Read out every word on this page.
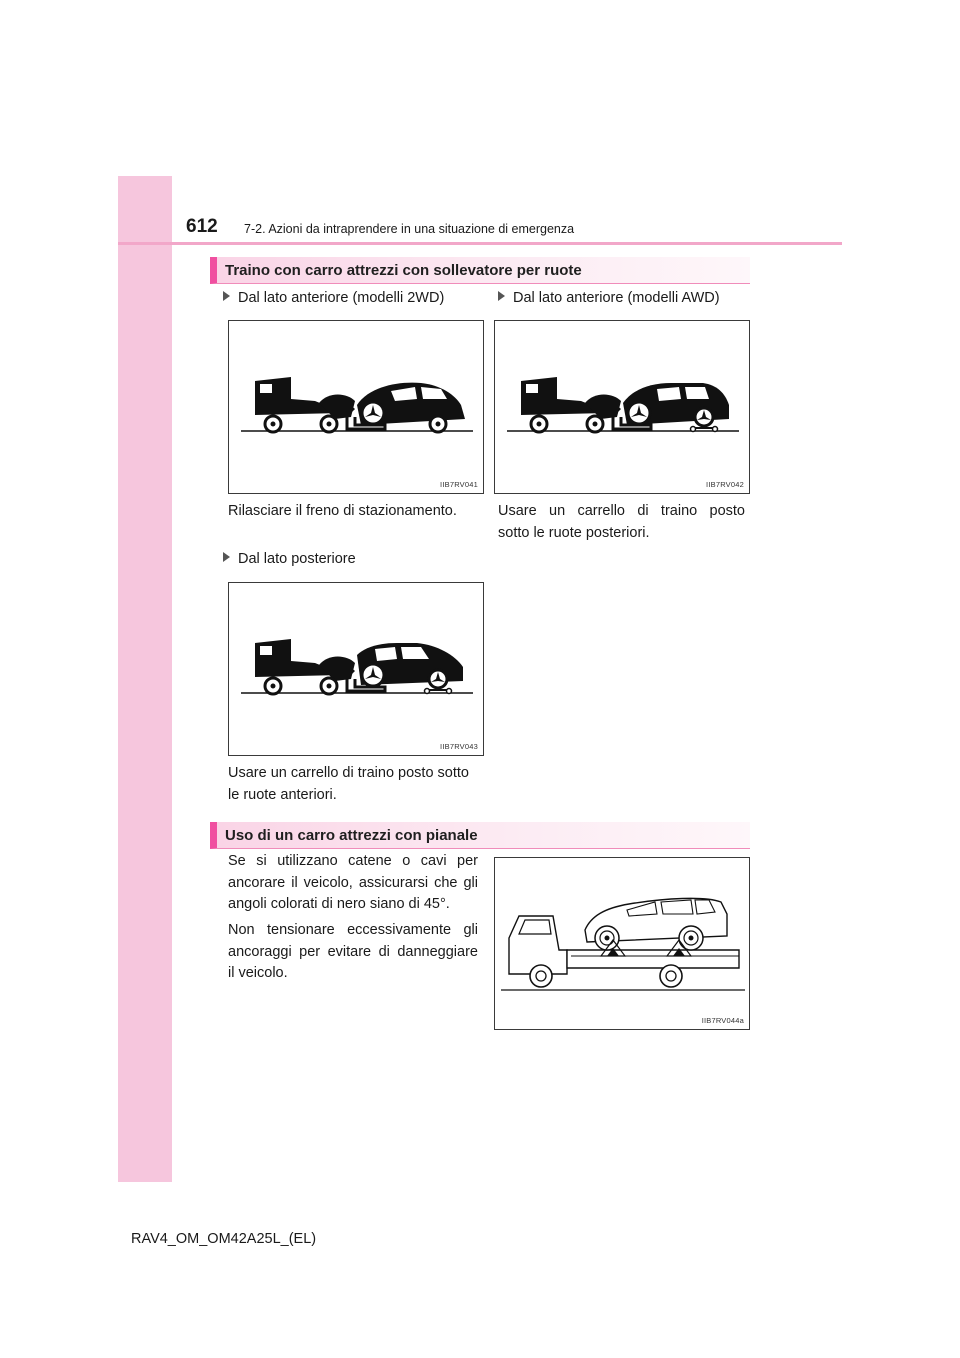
612 7-2. Azioni da intraprendere in una situazione di emergenza
Traino con carro attrezzi con sollevatore per ruote
Dal lato anteriore (modelli 2WD)	Dal lato anteriore (modelli AWD)
IIB7RV041	IIB7RV042
Rilasciare il freno di stazionamento.	Usare un carrello di traino posto
sotto le ruote posteriori.
Dal lato posteriore
IIB7RV043
Usare un carrello di traino posto sotto
le ruote anteriori.
Uso di un carro attrezzi con pianale
Se si utilizzano catene o cavi per
ancorare il veicolo, assicurarsi che gli
angoli colorati di nero siano di 45°.
Non tensionare eccessivamente gli
ancoraggi per evitare di danneggiare
il veicolo.
IIB7RV044a
RAV4_OM_OM42A25L_(EL)
